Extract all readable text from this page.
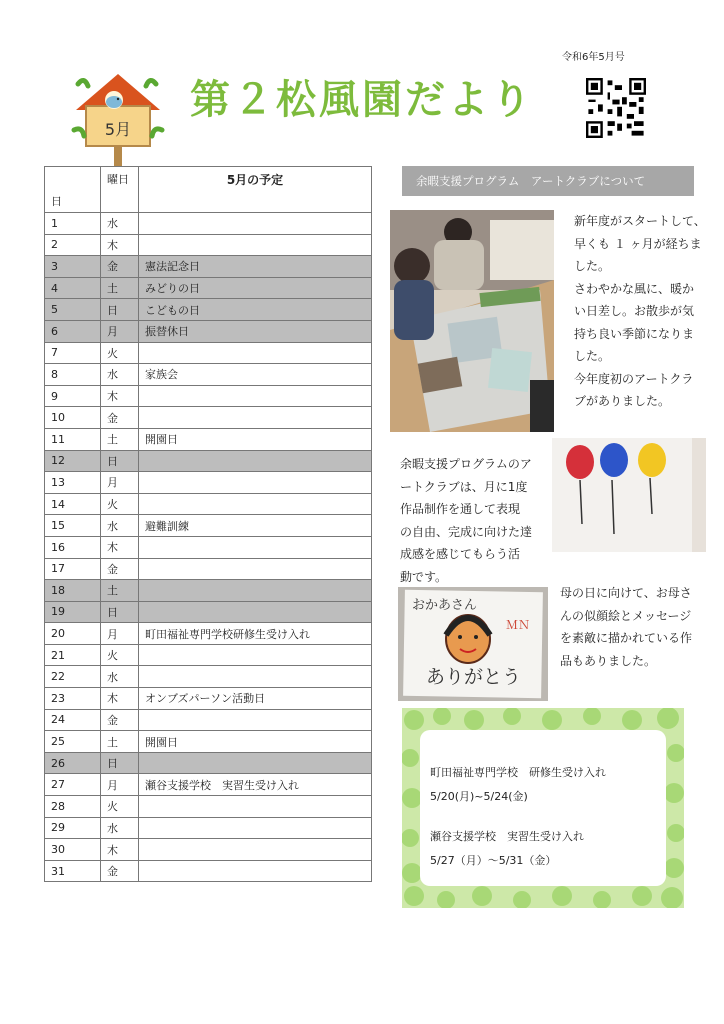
令和6年5月号
5月
第２松風園だより
日	曜日	5月の予定

1	水	
2	木	
3	金	憲法記念日
4	土	みどりの日
5	日	こどもの日
6	月	振替休日
7	火	
8	水	家族会
9	木	
10	金	
11	土	開園日
12	日	
13	月	
14	火	
15	水	避難訓練
16	木	
17	金	
18	土	
19	日	
20	月	町田福祉専門学校研修生受け入れ
21	火	
22	水	
23	木	オンブズパーソン活動日
24	金	
25	土	開園日
26	日	
27	月	瀬谷支援学校　実習生受け入れ
28	火	
29	水	
30	木	
31	金	
余暇支援プログラム　アートクラブについて
新年度がスタートして、
早くも １ ヶ月が経ちま
した。
さわやかな風に、暖か
い日差し。お散歩が気
持ち良い季節になりま
した。
今年度初のアートクラ
ブがありました。
余暇支援プログラムのア
ートクラブは、月に1度
作品制作を通して表現
の自由、完成に向けた達
成感を感じてもらう活
動です。
おかあさん
ＭＮ
ありがとう
母の日に向けて、お母さ
んの似顔絵とメッセージ
を素敵に描かれている作
品もありました。
町田福祉専門学校　研修生受け入れ
5/20(月)~5/24(金)
瀬谷支援学校　実習生受け入れ
5/27（月）～5/31（金）
